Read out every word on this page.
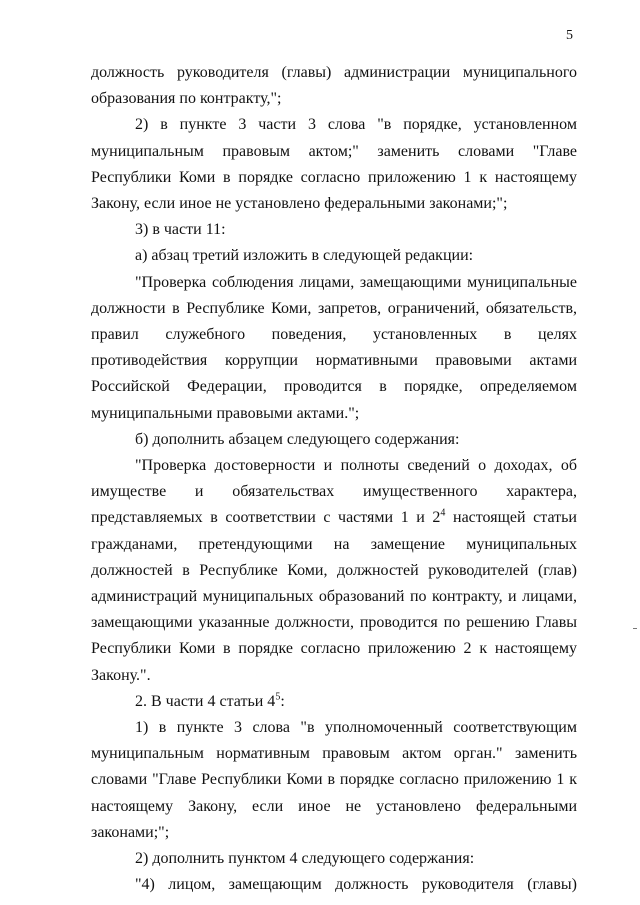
5

должность руководителя (главы) администрации муниципального образования по контракту,";

2) в пункте 3 части 3 слова "в порядке, установленном муниципальным правовым актом;" заменить словами "Главе Республики Коми в порядке согласно приложению 1 к настоящему Закону, если иное не установлено федеральными законами;";

3) в части 11:

а) абзац третий изложить в следующей редакции:

"Проверка соблюдения лицами, замещающими муниципальные должности в Республике Коми, запретов, ограничений, обязательств, правил служебного поведения, установленных в целях противодействия коррупции нормативными правовыми актами Российской Федерации, проводится в порядке, определяемом муниципальными правовыми актами.";

б) дополнить абзацем следующего содержания:

"Проверка достоверности и полноты сведений о доходах, об имуществе и обязательствах имущественного характера, представляемых в соответствии с частями 1 и $2^4$ настоящей статьи гражданами, претендующими на замещение муниципальных должностей в Республике Коми, должностей руководителей (глав) администраций муниципальных образований по контракту, и лицами, замещающими указанные должности, проводится по решению Главы Республики Коми в порядке согласно приложению 2 к настоящему Закону.".

2. В части 4 статьи $4^5$:

1) в пункте 3 слова "в уполномоченный соответствующим муниципальным нормативным правовым актом орган." заменить словами "Главе Республики Коми в порядке согласно приложению 1 к настоящему Закону, если иное не установлено федеральными законами;";

2) дополнить пунктом 4 следующего содержания:

"4) лицом, замещающим должность руководителя (главы)
